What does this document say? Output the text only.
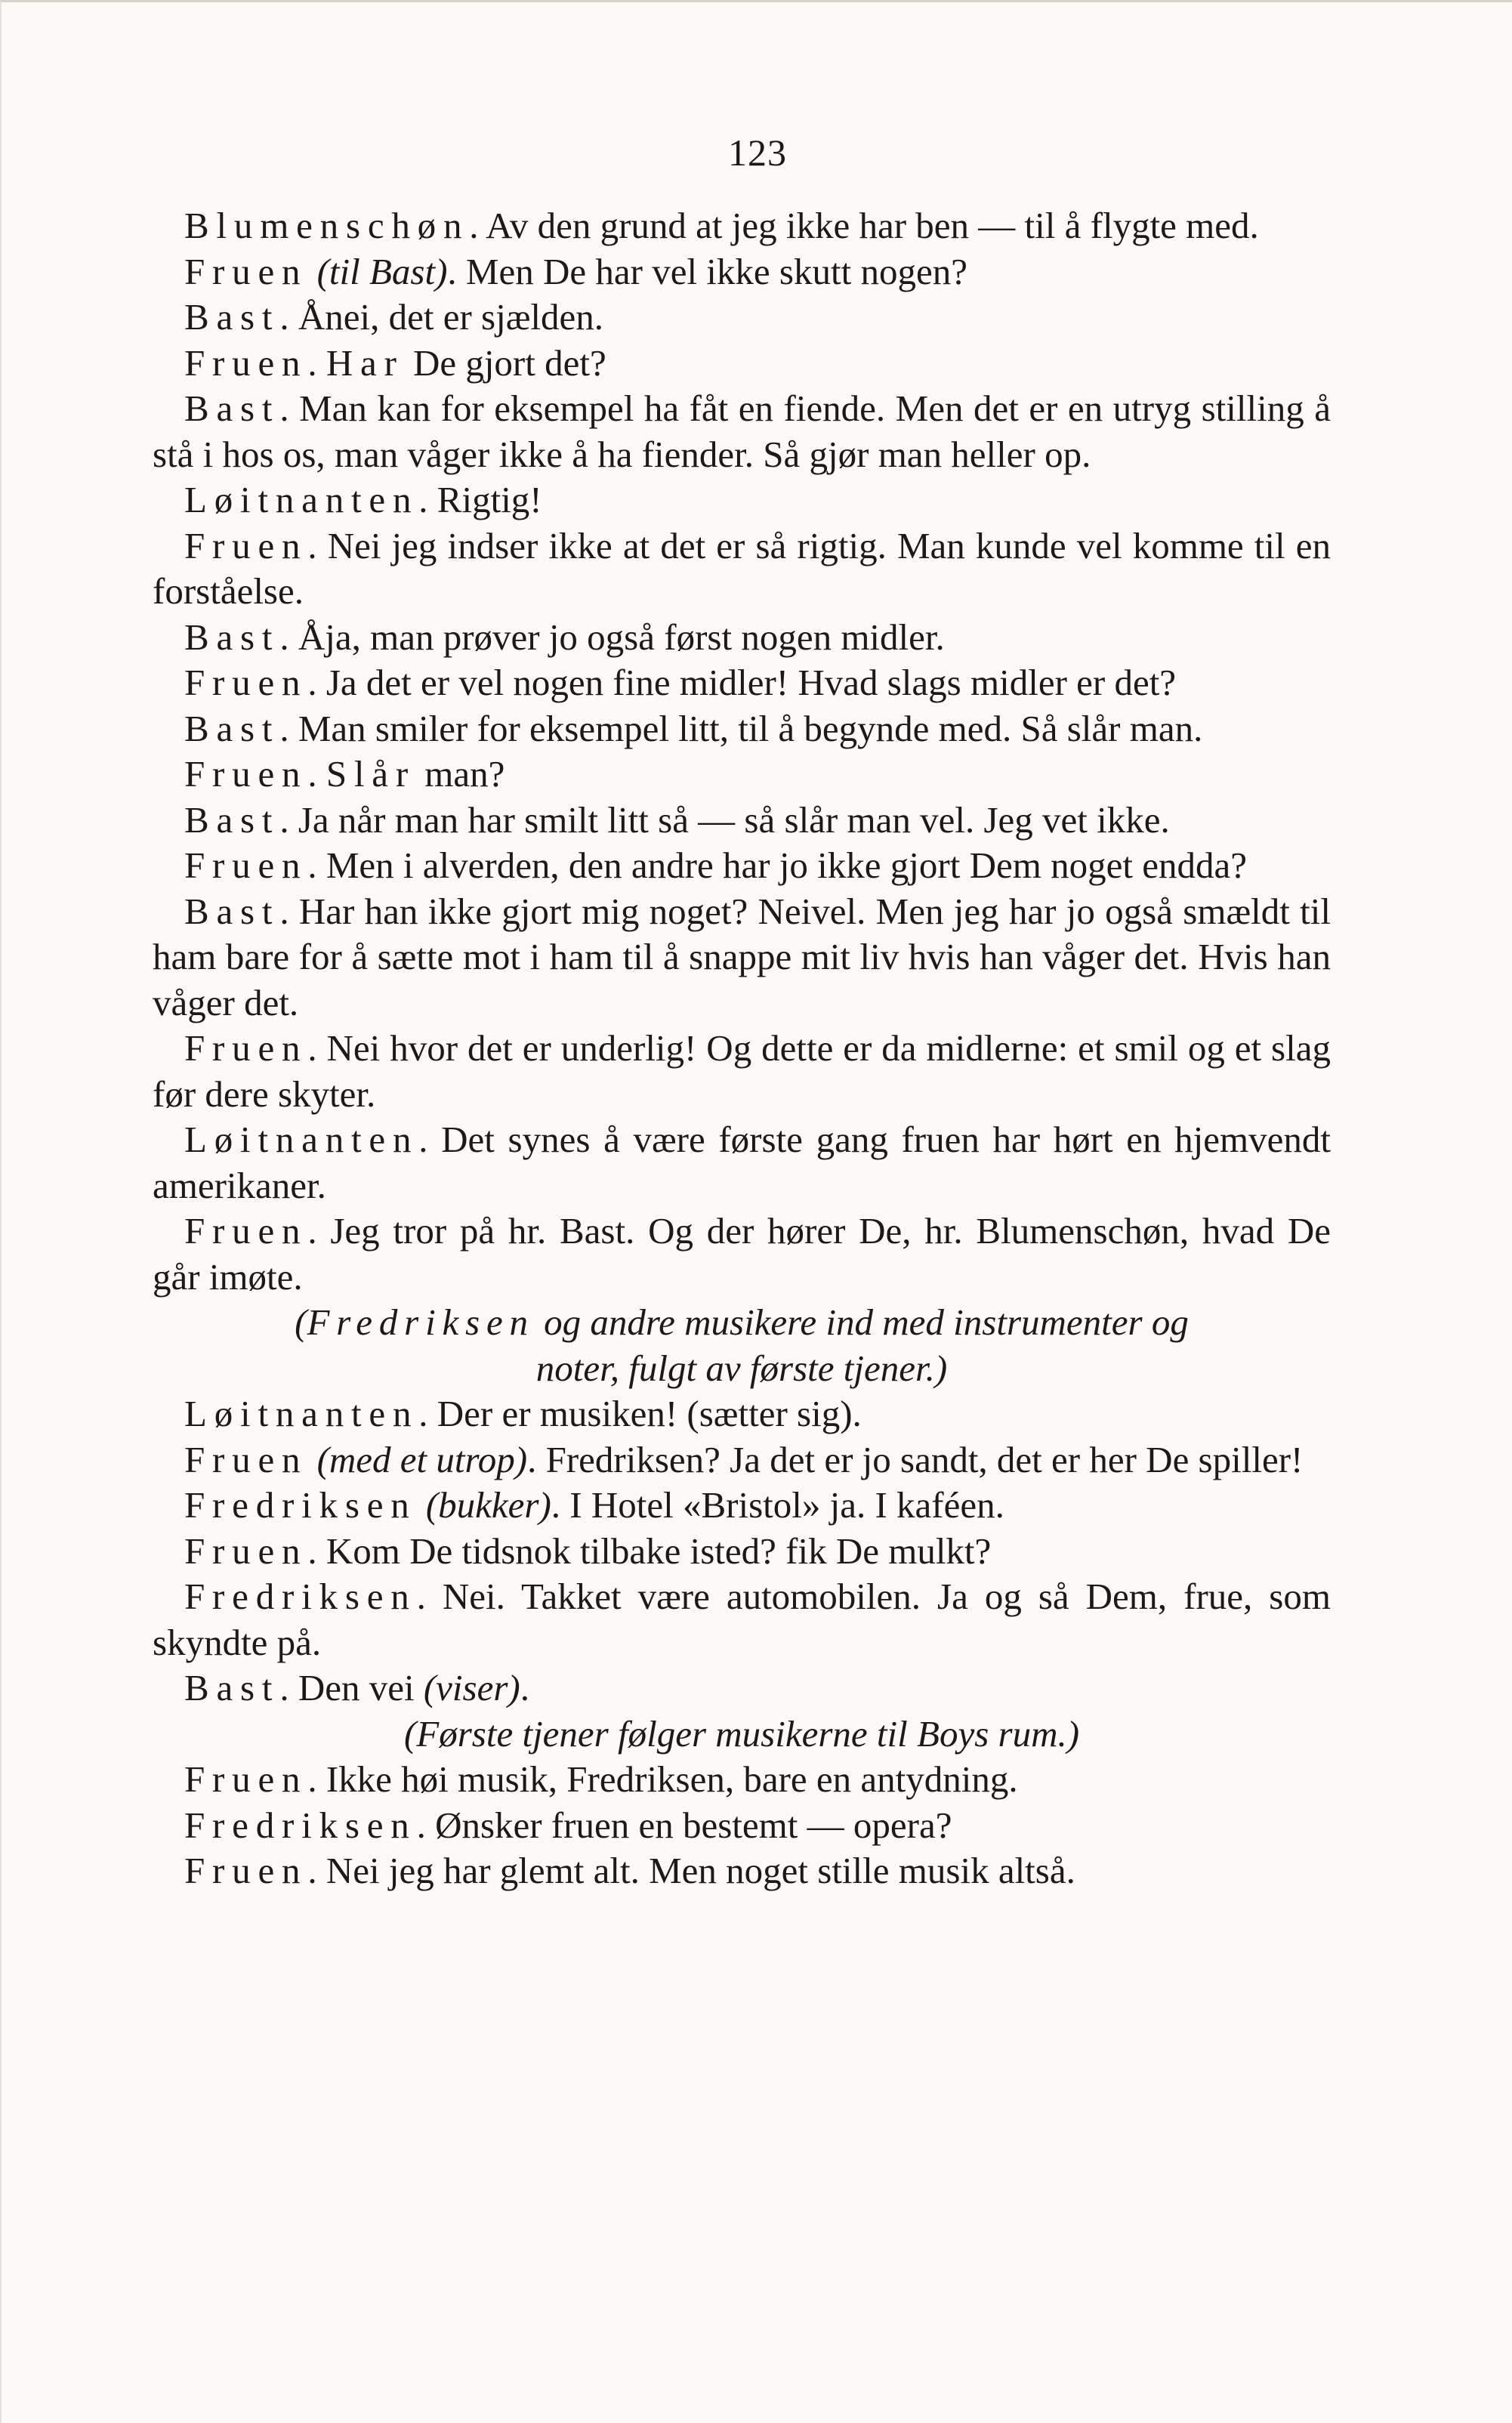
123

Blumenschøn. Av den grund at jeg ikke har ben — til å flygte med.

Fruen (til Bast). Men De har vel ikke skutt nogen?

Bast. Ånei, det er sjælden.

Fruen. Har De gjort det?

Bast. Man kan for eksempel ha fåt en fiende. Men det er en utryg stilling å stå i hos os, man våger ikke å ha fiender. Så gjør man heller op.

Løitnanten. Rigtig!

Fruen. Nei jeg indser ikke at det er så rigtig. Man kunde vel komme til en forståelse.

Bast. Åja, man prøver jo også først nogen midler.

Fruen. Ja det er vel nogen fine midler! Hvad slags midler er det?

Bast. Man smiler for eksempel litt, til å begynde med. Så slår man.

Fruen. Slår man?

Bast. Ja når man har smilt litt så — så slår man vel. Jeg vet ikke.

Fruen. Men i alverden, den andre har jo ikke gjort Dem noget endda?

Bast. Har han ikke gjort mig noget? Neivel. Men jeg har jo også smældt til ham bare for å sætte mot i ham til å snappe mit liv hvis han våger det. Hvis han våger det.

Fruen. Nei hvor det er underlig! Og dette er da midlerne: et smil og et slag før dere skyter.

Løitnanten. Det synes å være første gang fruen har hørt en hjemvendt amerikaner.

Fruen. Jeg tror på hr. Bast. Og der hører De, hr. Blumenschøn, hvad De går imøte.

(Fredriksen og andre musikere ind med instrumenter og

noter, fulgt av første tjener.)

Løitnanten. Der er musiken! (sætter sig).

Fruen (med et utrop). Fredriksen? Ja det er jo sandt, det er her De spiller!

Fredriksen (bukker). I Hotel «Bristol» ja. I kaféen.

Fruen. Kom De tidsnok tilbake isted? fik De mulkt?

Fredriksen. Nei. Takket være automobilen. Ja og så Dem, frue, som skyndte på.

Bast. Den vei (viser).

(Første tjener følger musikerne til Boys rum.)

Fruen. Ikke høi musik, Fredriksen, bare en antydning.

Fredriksen. Ønsker fruen en bestemt — opera?

Fruen. Nei jeg har glemt alt. Men noget stille musik altså.
